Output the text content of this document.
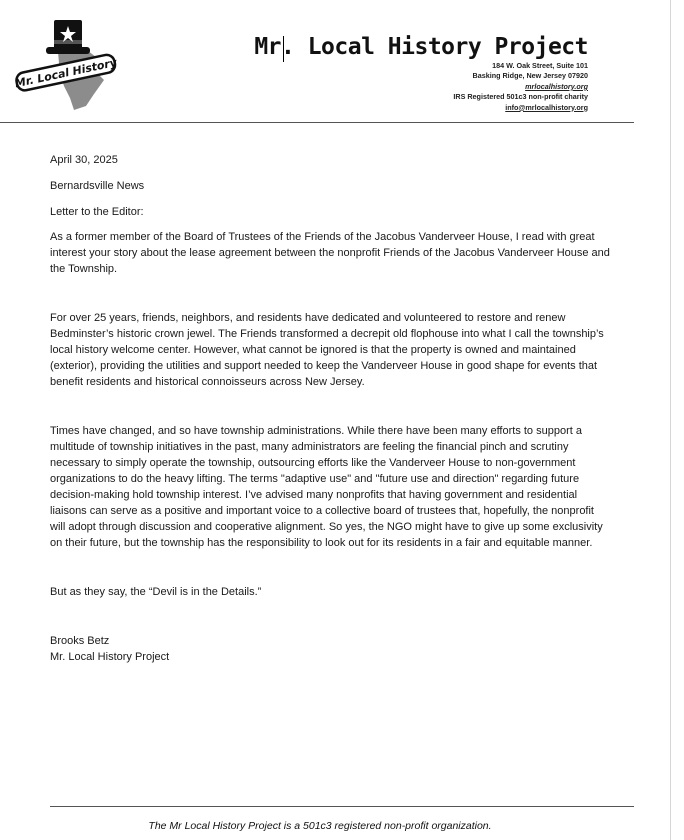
Mr. Local History
Mr. Local History Project
184 W. Oak Street, Suite 101
Basking Ridge, New Jersey 07920
mrlocalhistory.org
IRS Registered 501c3 non-profit charity
info@mrlocalhistory.org

April 30, 2025

Bernardsville News

Letter to the Editor:

As a former member of the Board of Trustees of the Friends of the Jacobus Vanderveer House, I read with great interest your story about the lease agreement between the nonprofit Friends of the Jacobus Vanderveer House and the Township.

For over 25 years, friends, neighbors, and residents have dedicated and volunteered to restore and renew Bedminster’s historic crown jewel. The Friends transformed a decrepit old flophouse into what I call the township’s local history welcome center. However, what cannot be ignored is that the property is owned and maintained (exterior), providing the utilities and support needed to keep the Vanderveer House in good shape for events that benefit residents and historical connoisseurs across New Jersey.

Times have changed, and so have township administrations. While there have been many efforts to support a multitude of township initiatives in the past, many administrators are feeling the financial pinch and scrutiny necessary to simply operate the township, outsourcing efforts like the Vanderveer House to non-government organizations to do the heavy lifting. The terms "adaptive use" and "future use and direction" regarding future decision-making hold township interest. I’ve advised many nonprofits that having government and residential liaisons can serve as a positive and important voice to a collective board of trustees that, hopefully, the nonprofit will adopt through discussion and cooperative alignment. So yes, the NGO might have to give up some exclusivity on their future, but the township has the responsibility to look out for its residents in a fair and equitable manner.

But as they say, the “Devil is in the Details.”

Brooks Betz

Mr. Local History Project

The Mr Local History Project is a 501c3 registered non-profit organization.
